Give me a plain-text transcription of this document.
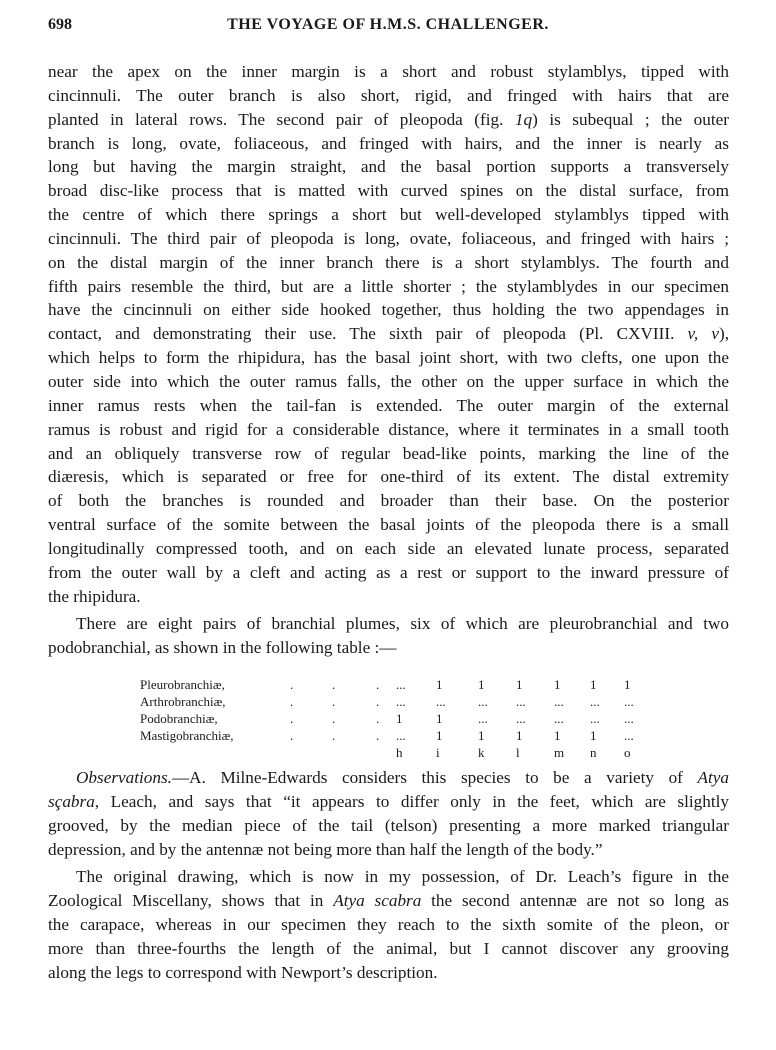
698	THE VOYAGE OF H.M.S. CHALLENGER.
near the apex on the inner margin is a short and robust stylamblys, tipped with
cincinnuli. The outer branch is also short, rigid, and fringed with hairs that are
planted in lateral rows. The second pair of pleopoda (fig. 1q) is subequal ; the outer
branch is long, ovate, foliaceous, and fringed with hairs, and the inner is nearly as
long but having the margin straight, and the basal portion supports a transversely
broad disc-like process that is matted with curved spines on the distal surface, from
the centre of which there springs a short but well-developed stylamblys tipped with
cincinnuli. The third pair of pleopoda is long, ovate, foliaceous, and fringed with hairs ;
on the distal margin of the inner branch there is a short stylamblys. The fourth and
fifth pairs resemble the third, but are a little shorter ; the stylamblydes in our specimen
have the cincinnuli on either side hooked together, thus holding the two appendages in
contact, and demonstrating their use. The sixth pair of pleopoda (Pl. CXVIII. v, v),
which helps to form the rhipidura, has the basal joint short, with two clefts, one upon the
outer side into which the outer ramus falls, the other on the upper surface in which the
inner ramus rests when the tail-fan is extended. The outer margin of the external
ramus is robust and rigid for a considerable distance, where it terminates in a small tooth
and an obliquely transverse row of regular bead-like points, marking the line of the
diæresis, which is separated or free for one-third of its extent. The distal extremity
of both the branches is rounded and broader than their base. On the posterior
ventral surface of the somite between the basal joints of the pleopoda there is a small
longitudinally compressed tooth, and on each side an elevated lunate process, separated
from the outer wall by a cleft and acting as a rest or support to the inward pressure of
the rhipidura.
There are eight pairs of branchial plumes, six of which are pleurobranchial and two
podobranchial, as shown in the following table :—
Pleurobranchiæ,	.	.	. ... 1	1 1 1 1 1
Arthrobranchiæ,	.	.	. ... ... ... ... ... ... ...
Podobranchiæ,	.	.	. 1	1	... ... ... ... ...
Mastigobranchiæ,	.	.	. ... 1	1 1 1 1 ...
h	i	k l	m n o
Observations.—A. Milne-Edwards considers this species to be a variety of Atya
sçabra, Leach, and says that “it appears to differ only in the feet, which are slightly
grooved, by the median piece of the tail (telson) presenting a more marked triangular
depression, and by the antennæ not being more than half the length of the body.”
The original drawing, which is now in my possession, of Dr. Leach’s figure in the
Zoological Miscellany, shows that in Atya scabra the second antennæ are not so long as
the carapace, whereas in our specimen they reach to the sixth somite of the pleon, or
more than three-fourths the length of the animal, but I cannot discover any grooving
along the legs to correspond with Newport’s description.
